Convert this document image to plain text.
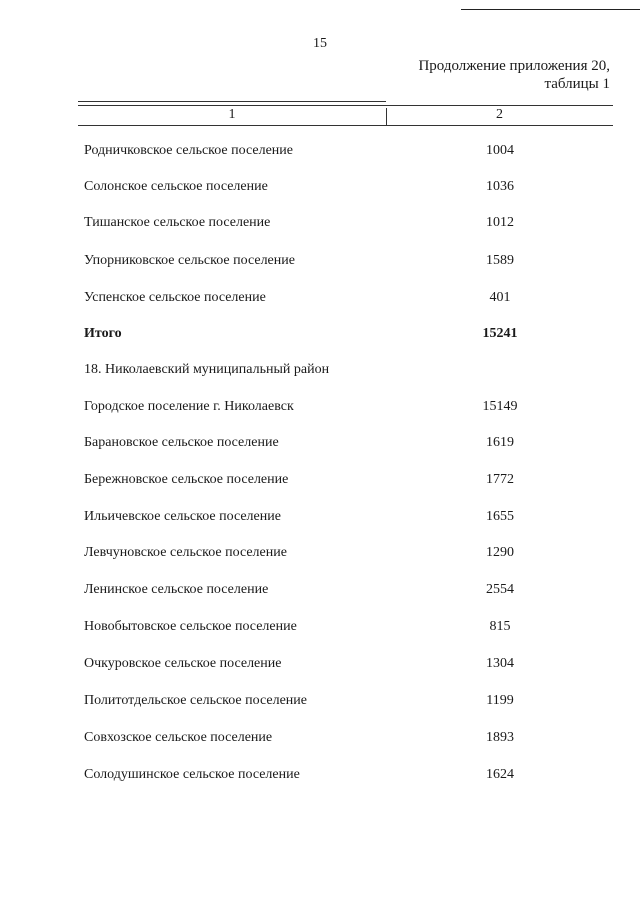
15
Продолжение приложения 20,
таблицы 1
1	2
Родничковское сельское поселение	1004
Солонское сельское поселение	1036
Тишанское сельское поселение	1012
Упорниковское сельское поселение	1589
Успенское сельское поселение	401
Итого	15241
18. Николаевский муниципальный район
Городское поселение г. Николаевск	15149
Барановское сельское поселение	1619
Бережновское сельское поселение	1772
Ильичевское сельское поселение	1655
Левчуновское сельское поселение	1290
Ленинское сельское поселение	2554
Новобытовское сельское поселение	815
Очкуровское сельское поселение	1304
Политотдельское сельское поселение	1199
Совхозское сельское поселение	1893
Солодушинское сельское поселение	1624
